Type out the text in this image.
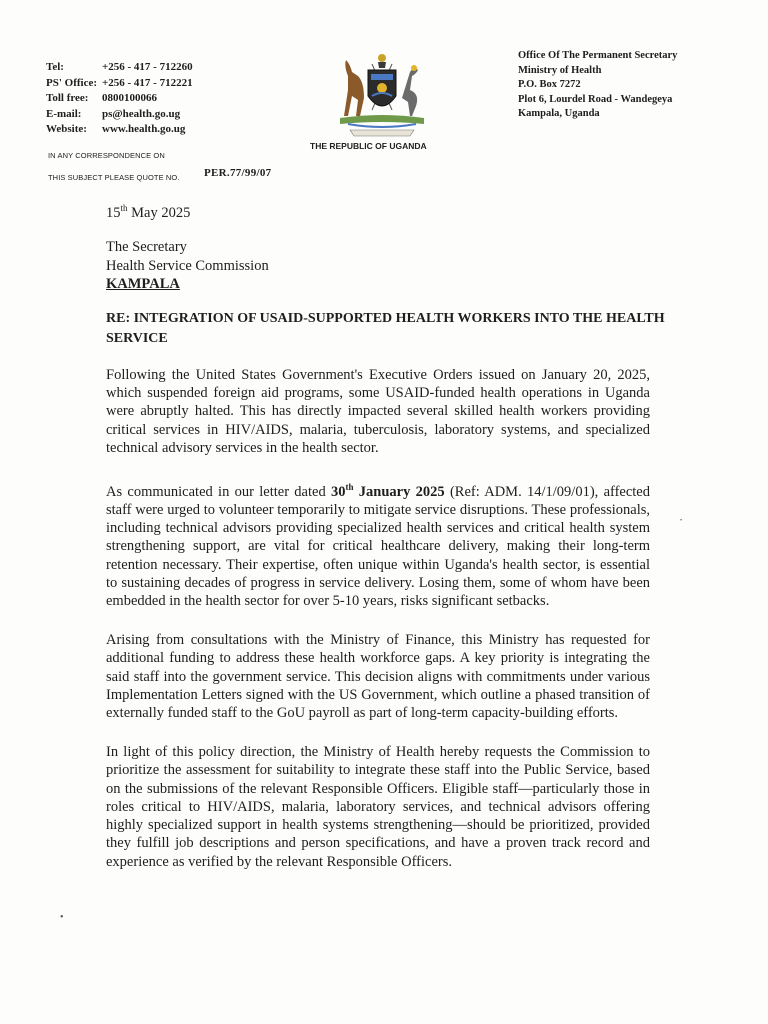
Tel:	+256 - 417 - 712260
PS' Office: +256 - 417 - 712221
Toll free:	0800100066
E-mail:	ps@health.go.ug
Website:	www.health.go.ug
IN ANY CORRESPONDENCE ON
THIS SUBJECT PLEASE QUOTE NO. PER.77/99/07
THE REPUBLIC OF UGANDA
Office Of The Permanent Secretary
Ministry of Health
P.O. Box 7272
Plot 6, Lourdel Road - Wandegeya
Kampala, Uganda
15th May 2025
The Secretary
Health Service Commission
KAMPALA
RE: INTEGRATION OF USAID-SUPPORTED HEALTH WORKERS INTO THE HEALTH SERVICE

Following the United States Government's Executive Orders issued on January 20, 2025, which suspended foreign aid programs, some USAID-funded health operations in Uganda were abruptly halted. This has directly impacted several skilled health workers providing critical services in HIV/AIDS, malaria, tuberculosis, laboratory systems, and specialized technical advisory services in the health sector.

As communicated in our letter dated 30th January 2025 (Ref: ADM. 14/1/09/01), affected staff were urged to volunteer temporarily to mitigate service disruptions. These professionals, including technical advisors providing specialized health services and critical health system strengthening support, are vital for critical healthcare delivery, making their long-term retention necessary. Their expertise, often unique within Uganda's health sector, is essential to sustaining decades of progress in service delivery. Losing them, some of whom have been embedded in the health sector for over 5-10 years, risks significant setbacks.

Arising from consultations with the Ministry of Finance, this Ministry has requested for additional funding to address these health workforce gaps. A key priority is integrating the said staff into the government service. This decision aligns with commitments under various Implementation Letters signed with the US Government, which outline a phased transition of externally funded staff to the GoU payroll as part of long-term capacity-building efforts.

In light of this policy direction, the Ministry of Health hereby requests the Commission to prioritize the assessment for suitability to integrate these staff into the Public Service, based on the submissions of the relevant Responsible Officers. Eligible staff—particularly those in roles critical to HIV/AIDS, malaria, laboratory services, and technical advisors offering highly specialized support in health systems strengthening—should be prioritized, provided they fulfill job descriptions and person specifications, and have a proven track record and experience as verified by the relevant Responsible Officers.

•
•
